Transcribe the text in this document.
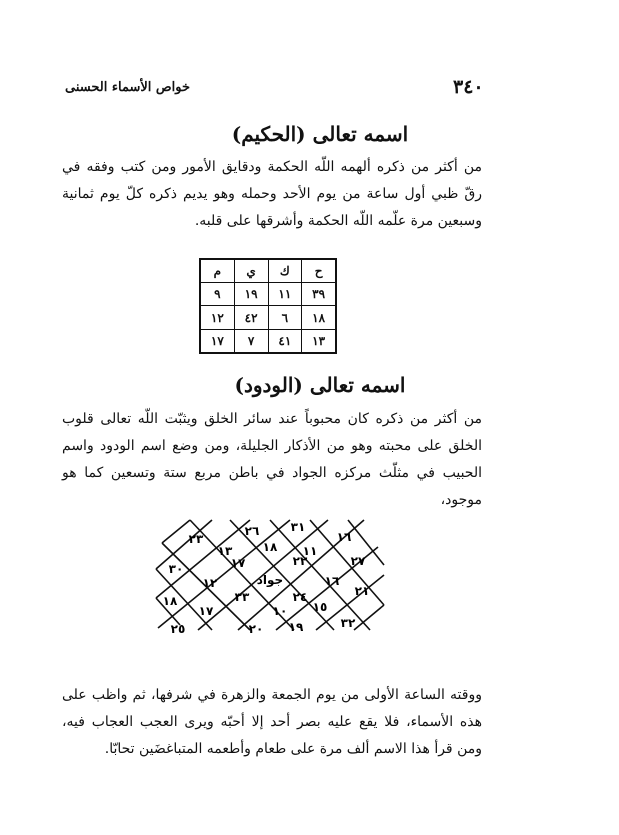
٣٤٠
خواص الأسماء الحسنى
اسمه تعالى (الحكيم)
من أكثر من ذكره ألهمه اللّه الحكمة ودقايق الأمور ومن كتب وفقه في رقّ ظبي أول ساعة من يوم الأحد وحمله وهو يديم ذكره كلّ يوم ثمانية وسبعين مرة علّمه اللّه الحكمة وأشرقها على قلبه.
م	ي	ك	ح
٩	١٩	١١	٣٩
١٢	٤٢	٦	١٨
١٧	٧	٤١	١٣
اسمه تعالى (الودود)
من أكثر من ذكره كان محبوباً عند سائر الخلق ويثبّت اللّه تعالى قلوب الخلق على محبته وهو من الأذكار الجليلة، ومن وضع اسم الودود واسم الحبيب في مثلّث مركزه الجواد في باطن مربع ستة وتسعين كما هو موجود،
٢٣
٢٦	٣١
١٦
١٣	١٨ ١١
٣٠	١٧	٢٢	٢٧
١٢
٣٣	٢٤
١٦
٢١
١٨
١٠ ١٥
١٧
٢٥	٢٠ ١٩	٣٢
جواد
ووقته الساعة الأولى من يوم الجمعة والزهرة في شرفها، ثم واظب على هذه الأسماء، فلا يقع عليه بصر أحد إلا أحبّه ويرى العجب العجاب فيه، ومن قرأ هذا الاسم ألف مرة على طعام وأطعمه المتباغضَين تحابّا.
